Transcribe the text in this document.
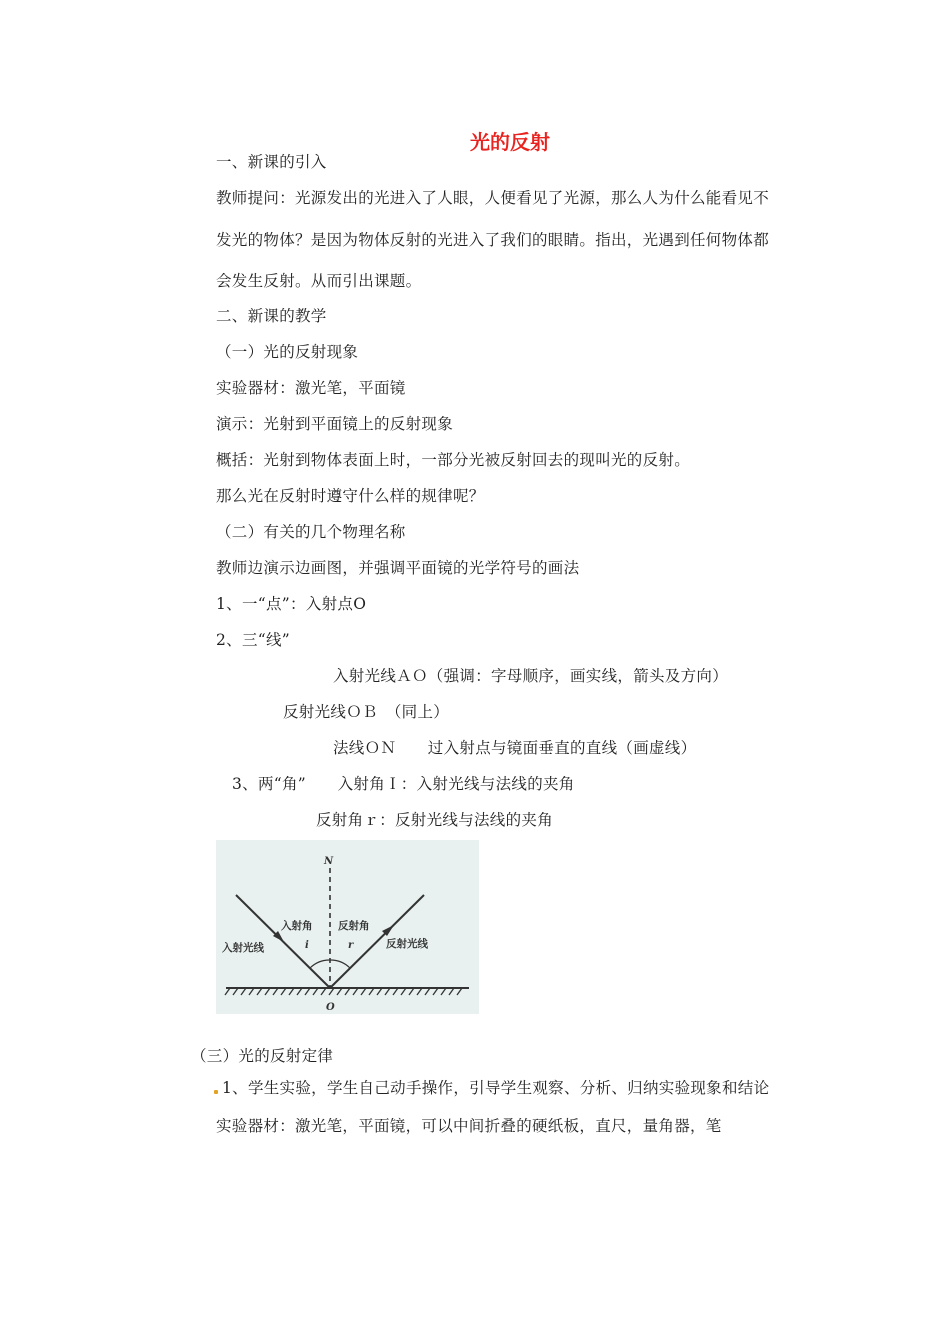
光的反射
一、新课的引入
教师提问：光源发出的光进入了人眼，人便看见了光源，那么人为什么能看见不
发光的物体？是因为物体反射的光进入了我们的眼睛。指出，光遇到任何物体都
会发生反射。从而引出课题。
二、新课的教学
（一）光的反射现象
实验器材：激光笔，平面镜
演示：光射到平面镜上的反射现象
概括：光射到物体表面上时，一部分光被反射回去的现叫光的反射。
那么光在反射时遵守什么样的规律呢？
（二）有关的几个物理名称
教师边演示边画图，并强调平面镜的光学符号的画法
1、一“点”：入射点O
2、三“线”
入射光线ＡＯ（强调：字母顺序，画实线，箭头及方向）
反射光线ＯＢ　（同上）
法线ＯＮ　　过入射点与镜面垂直的直线（画虚线）
3、两“角”　　入射角Ｉ：入射光线与法线的夹角
反射角ｒ：反射光线与法线的夹角
N
O
入射光线
入射角
i
反射角
r	反射光线
（三）光的反射定律
1、学生实验，学生自己动手操作，引导学生观察、分析、归纳实验现象和结论
实验器材：激光笔，平面镜，可以中间折叠的硬纸板，直尺，量角器，笔
